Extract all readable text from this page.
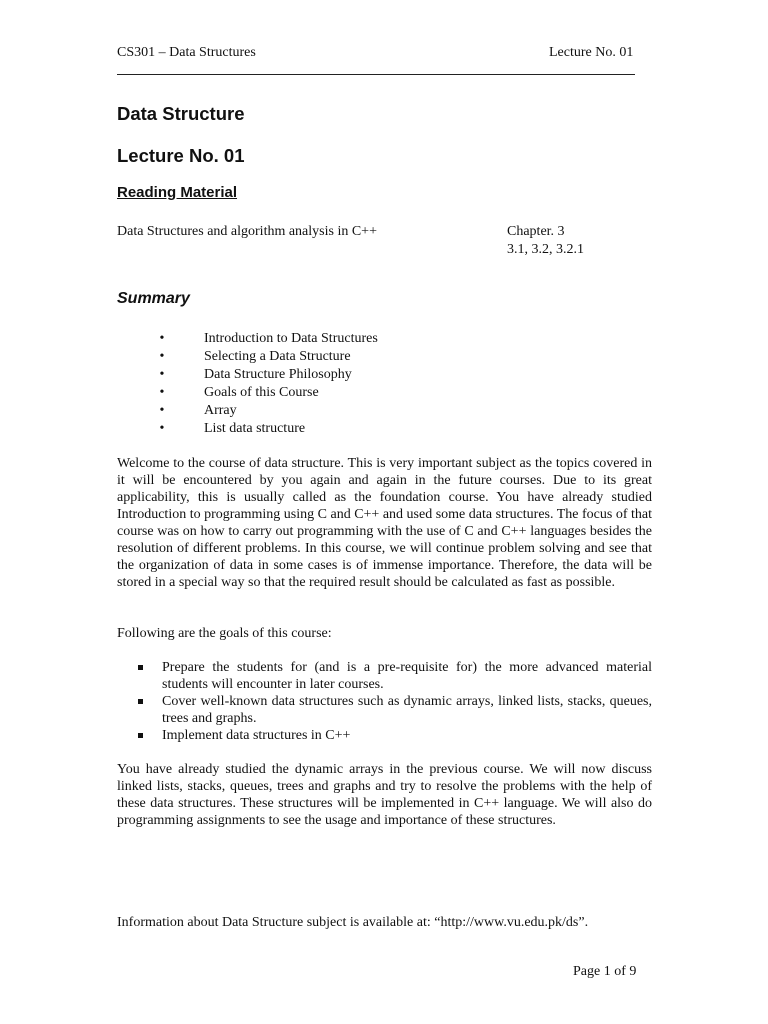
CS301 – Data Structures	Lecture No. 01
Data Structure
Lecture No. 01
Reading Material
Data Structures and algorithm analysis in C++	Chapter. 3
3.1, 3.2, 3.2.1
Summary
•	Introduction to Data Structures
•	Selecting a Data Structure
•	Data Structure Philosophy
•	Goals of this Course
•	Array
•	List data structure

Welcome to the course of data structure. This is very important subject as the topics covered in it will be encountered by you again and again in the future courses. Due to its great applicability, this is usually called as the foundation course. You have already studied Introduction to programming using C and C++ and used some data structures. The focus of that course was on how to carry out programming with the use of C and C++ languages besides the resolution of different problems. In this course, we will continue problem solving and see that the organization of data in some cases is of immense importance. Therefore, the data will be stored in a special way so that the required result should be calculated as fast as possible.

Following are the goals of this course:
Prepare the students for (and is a pre-requisite for) the more advanced material students will encounter in later courses.
Cover well-known data structures such as dynamic arrays, linked lists, stacks, queues, trees and graphs.
Implement data structures in C++

You have already studied the dynamic arrays in the previous course. We will now discuss linked lists, stacks, queues, trees and graphs and try to resolve the problems with the help of these data structures. These structures will be implemented in C++ language. We will also do programming assignments to see the usage and importance of these structures.

Information about Data Structure subject is available at: “http://www.vu.edu.pk/ds”.
Page 1 of 9
